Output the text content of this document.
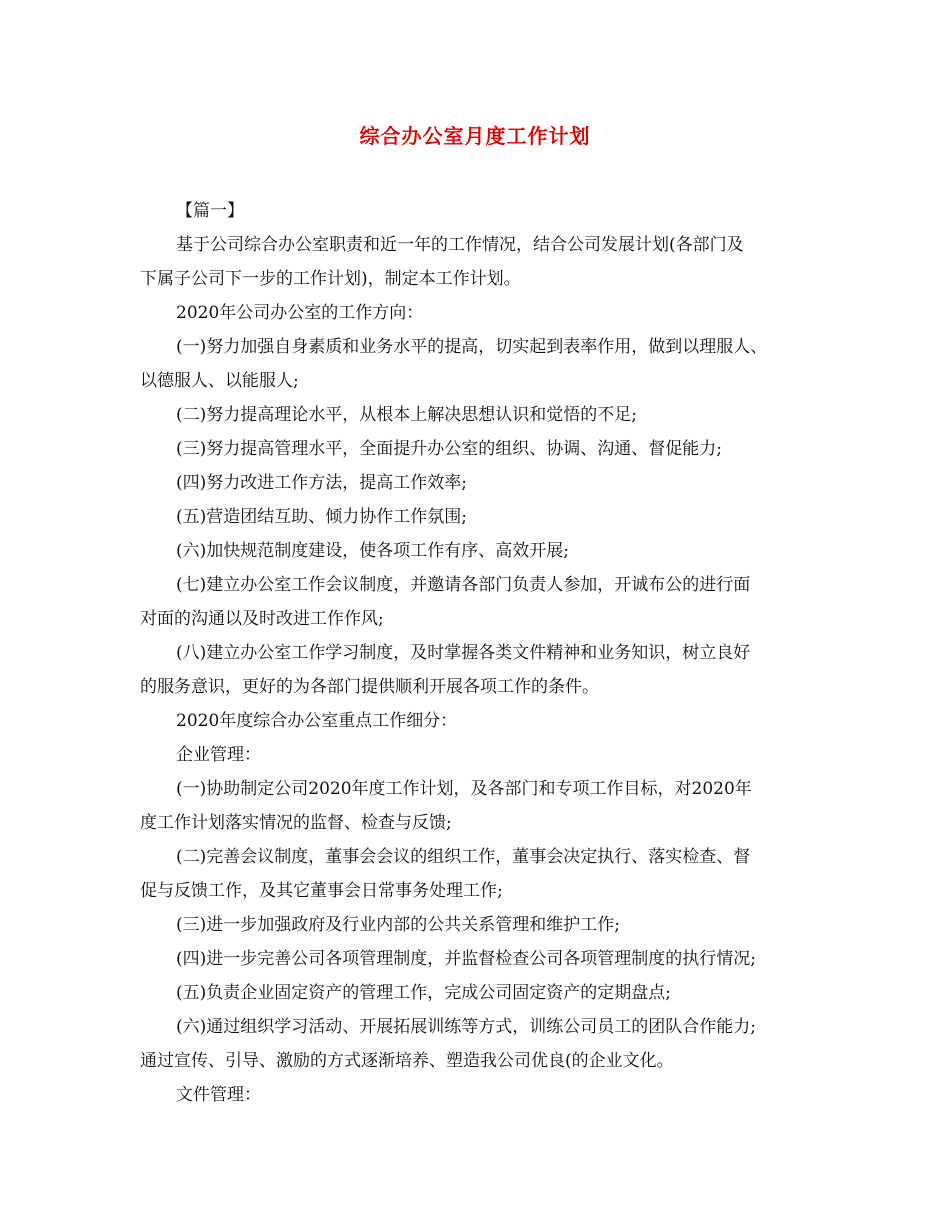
综合办公室月度工作计划

【篇一】

基于公司综合办公室职责和近一年的工作情况，结合公司发展计划(各部门及

下属子公司下一步的工作计划)，制定本工作计划。

2020年公司办公室的工作方向：

(一)努力加强自身素质和业务水平的提高，切实起到表率作用，做到以理服人、

以德服人、以能服人;

(二)努力提高理论水平，从根本上解决思想认识和觉悟的不足;

(三)努力提高管理水平，全面提升办公室的组织、协调、沟通、督促能力;

(四)努力改进工作方法，提高工作效率;

(五)营造团结互助、倾力协作工作氛围;

(六)加快规范制度建设，使各项工作有序、高效开展;

(七)建立办公室工作会议制度，并邀请各部门负责人参加，开诚布公的进行面

对面的沟通以及时改进工作作风;

(八)建立办公室工作学习制度，及时掌握各类文件精神和业务知识，树立良好

的服务意识，更好的为各部门提供顺利开展各项工作的条件。

2020年度综合办公室重点工作细分：

企业管理：

(一)协助制定公司2020年度工作计划，及各部门和专项工作目标，对2020年

度工作计划落实情况的监督、检查与反馈;

(二)完善会议制度，董事会会议的组织工作，董事会决定执行、落实检查、督

促与反馈工作，及其它董事会日常事务处理工作;

(三)进一步加强政府及行业内部的公共关系管理和维护工作;

(四)进一步完善公司各项管理制度，并监督检查公司各项管理制度的执行情况;

(五)负责企业固定资产的管理工作，完成公司固定资产的定期盘点;

(六)通过组织学习活动、开展拓展训练等方式，训练公司员工的团队合作能力;

通过宣传、引导、激励的方式逐渐培养、塑造我公司优良(的企业文化。

文件管理：
